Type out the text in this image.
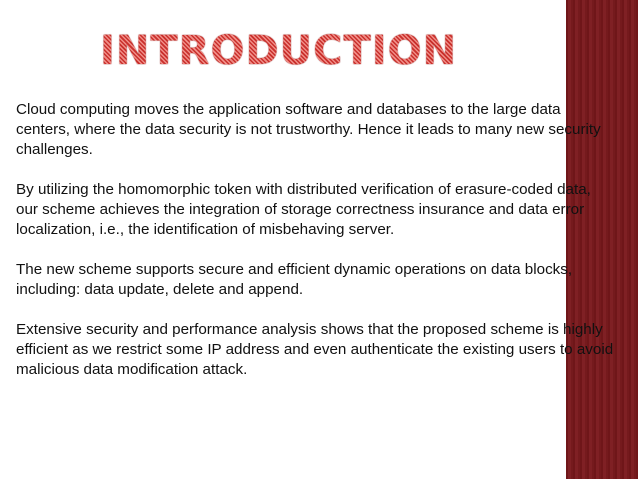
INTRODUCTION

Cloud computing moves the application software and databases to the large data centers, where the data security is not trustworthy. Hence it leads to many new security challenges.

By utilizing the homomorphic token with distributed verification of erasure-coded data, our scheme achieves the integration of storage correctness insurance and data error localization, i.e., the identification of misbehaving server.

The new scheme supports secure and efficient dynamic operations on data blocks, including: data update, delete and append.

Extensive security and performance analysis shows that the proposed scheme is highly efficient as we restrict some IP address and even authenticate the existing users to avoid malicious data modification attack.
